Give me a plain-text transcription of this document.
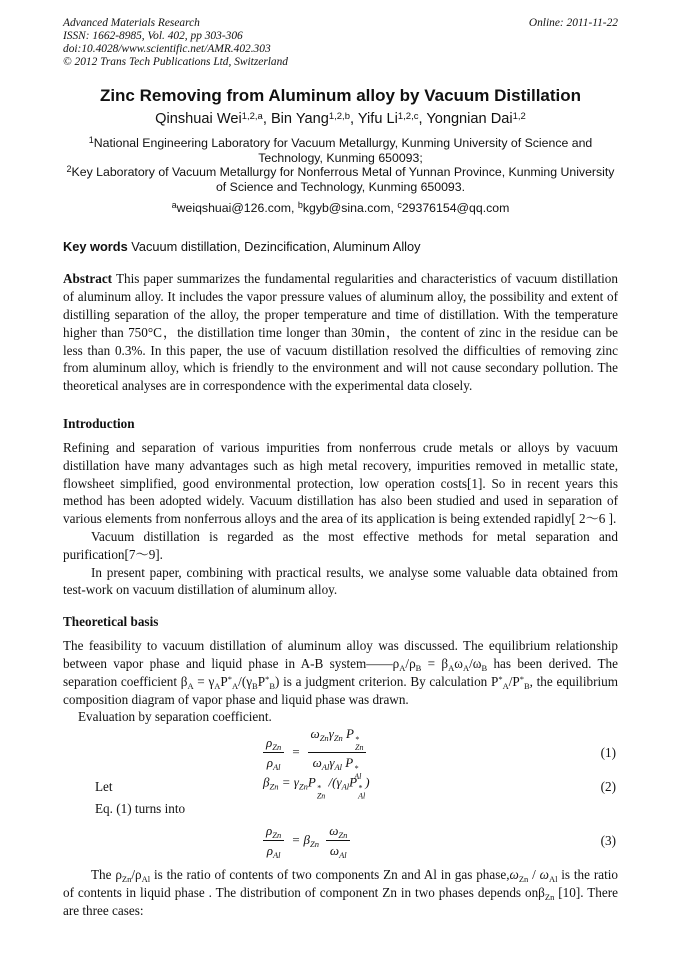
Advanced Materials Research
ISSN: 1662-8985, Vol. 402, pp 303-306
doi:10.4028/www.scientific.net/AMR.402.303
© 2012 Trans Tech Publications Ltd, Switzerland
Online: 2011-11-22
Zinc Removing from Aluminum alloy by Vacuum Distillation
Qinshuai Wei$^{1,2,a}$, Bin Yang$^{1,2,b}$, Yifu Li$^{1,2,c}$, Yongnian Dai$^{1,2}$
$^1$National Engineering Laboratory for Vacuum Metallurgy, Kunming University of Science and Technology, Kunming 650093;
$^2$Key Laboratory of Vacuum Metallurgy for Nonferrous Metal of Yunnan Province, Kunming University of Science and Technology, Kunming 650093.
$^a$weiqshuai@126.com, $^b$kgyb@sina.com, $^c$29376154@qq.com
Key words Vacuum distillation, Dezincification, Aluminum Alloy
Abstract This paper summarizes the fundamental regularities and characteristics of vacuum distillation of aluminum alloy. It includes the vapor pressure values of aluminum alloy, the possibility and extent of distilling separation of the alloy, the proper temperature and time of distillation. With the temperature higher than 750°C，the distillation time longer than 30min，the content of zinc in the residue can be less than 0.3%. In this paper, the use of vacuum distillation resolved the difficulties of removing zinc from aluminum alloy, which is friendly to the environment and will not cause secondary pollution. The theoretical analyses are in correspondence with the experimental data closely.
Introduction
Refining and separation of various impurities from nonferrous crude metals or alloys by vacuum distillation have many advantages such as high metal recovery, impurities removed in metallic state, flowsheet simplified, good environmental protection, low operation costs[1]. So in recent years this method has been adopted widely. Vacuum distillation has also been studied and used in separation of various elements from nonferrous alloys and the area of its application is being extended rapidly[ 2～6 ].
Vacuum distillation is regarded as the most effective methods for metal separation and purification[7～9].
In present paper, combining with practical results, we analyse some valuable data obtained from test-work on vacuum distillation of aluminum alloy.
Theoretical basis
The feasibility to vacuum distillation of aluminum alloy was discussed. The equilibrium relationship between vapor phase and liquid phase in A-B $system——\rho_A/\rho_B = \beta_A\omega_A/\omega_B$ has been derived. The separation coefficient $\beta_A = \gamma_AP^*_A/(\gamma_BP^*_B)$ is a judgment criterion. By calculation $P^*_A/P^*_B$, the equilibrium composition diagram of vapor phase and liquid phase was drawn.
Evaluation by separation coefficient.
$\frac{\rho_{Zn}}{\rho_{Al}} = \omega_{Zn}\gamma_{Zn}$ P *
Zn
$\omega_{Al}\gamma_{Al}$ P *
Al	(1)
Let	$\beta_{Zn} = \gamma_{Zn}P$ *
Zn
$/(\gamma_{Al}P$ *
Al
)	(2)
Eq. (1) turns into
$\frac{\rho_{Zn}}{\rho_{Al}} = \beta_{Zn} \frac{\omega_{Zn}}{\omega_{Al}}$	(3)
The $\rho_{Zn}/\rho_{Al}$ is the ratio of contents of two components Zn and Al in gas $phase,\omega_{Zn} / \omega_{Al}$ is the ratio of contents in liquid phase . The distribution of component Zn in two phases depends onβ$_{Zn}$ [10]. There are three cases:
